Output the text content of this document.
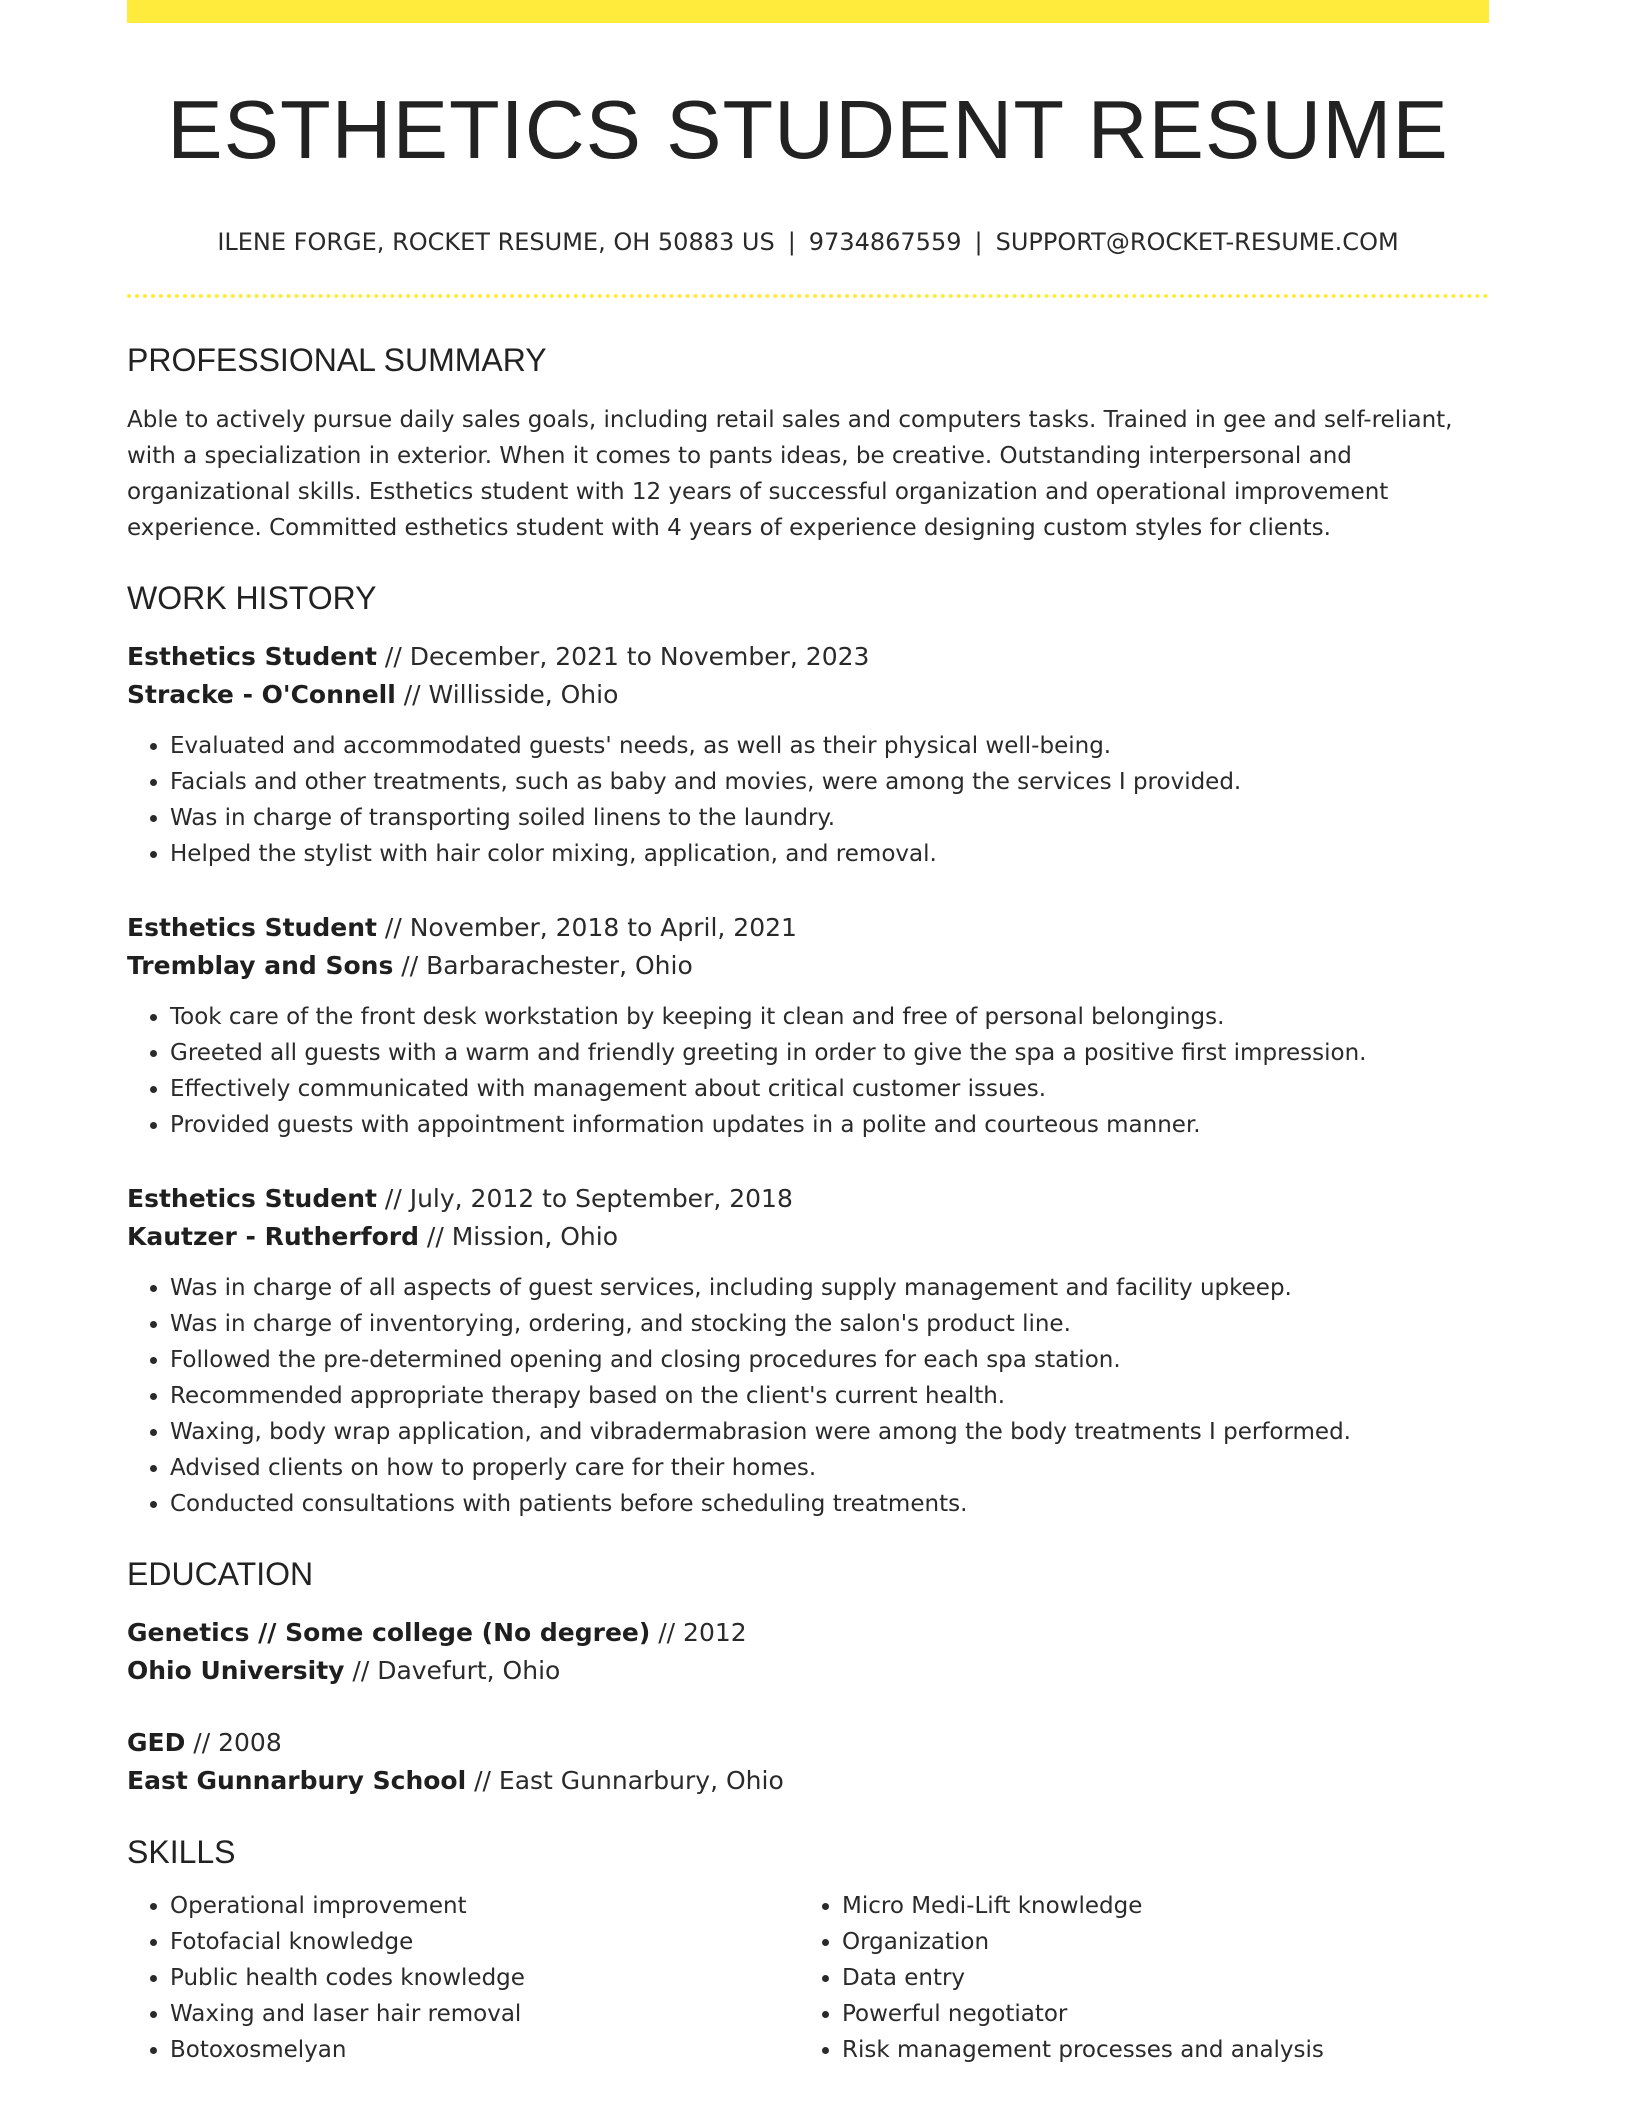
ESTHETICS STUDENT RESUME
ILENE FORGE, ROCKET RESUME, OH 50883 US | 9734867559 | SUPPORT@ROCKET-RESUME.COM
PROFESSIONAL SUMMARY

Able to actively pursue daily sales goals, including retail sales and computers tasks. Trained in gee and self-reliant, with a specialization in exterior. When it comes to pants ideas, be creative. Outstanding interpersonal and organizational skills. Esthetics student with 12 years of successful organization and operational improvement experience. Committed esthetics student with 4 years of experience designing custom styles for clients.

WORK HISTORY
Esthetics Student // December, 2021 to November, 2023
Stracke - O'Connell // Willisside, Ohio
• Evaluated and accommodated guests' needs, as well as their physical well-being.
• Facials and other treatments, such as baby and movies, were among the services I provided.
• Was in charge of transporting soiled linens to the laundry.
• Helped the stylist with hair color mixing, application, and removal.
Esthetics Student // November, 2018 to April, 2021
Tremblay and Sons // Barbarachester, Ohio
• Took care of the front desk workstation by keeping it clean and free of personal belongings.
• Greeted all guests with a warm and friendly greeting in order to give the spa a positive first impression.
• Effectively communicated with management about critical customer issues.
• Provided guests with appointment information updates in a polite and courteous manner.
Esthetics Student // July, 2012 to September, 2018
Kautzer - Rutherford // Mission, Ohio
• Was in charge of all aspects of guest services, including supply management and facility upkeep.
• Was in charge of inventorying, ordering, and stocking the salon's product line.
• Followed the pre-determined opening and closing procedures for each spa station.
• Recommended appropriate therapy based on the client's current health.
• Waxing, body wrap application, and vibradermabrasion were among the body treatments I performed.
• Advised clients on how to properly care for their homes.
• Conducted consultations with patients before scheduling treatments.
EDUCATION
Genetics // Some college (No degree) // 2012
Ohio University // Davefurt, Ohio
GED // 2008
East Gunnarbury School // East Gunnarbury, Ohio
SKILLS
• Operational improvement
• Fotofacial knowledge
• Public health codes knowledge
• Waxing and laser hair removal
• Botoxosmelyan
• Micro Medi-Lift knowledge
• Organization
• Data entry
• Powerful negotiator
• Risk management processes and analysis
